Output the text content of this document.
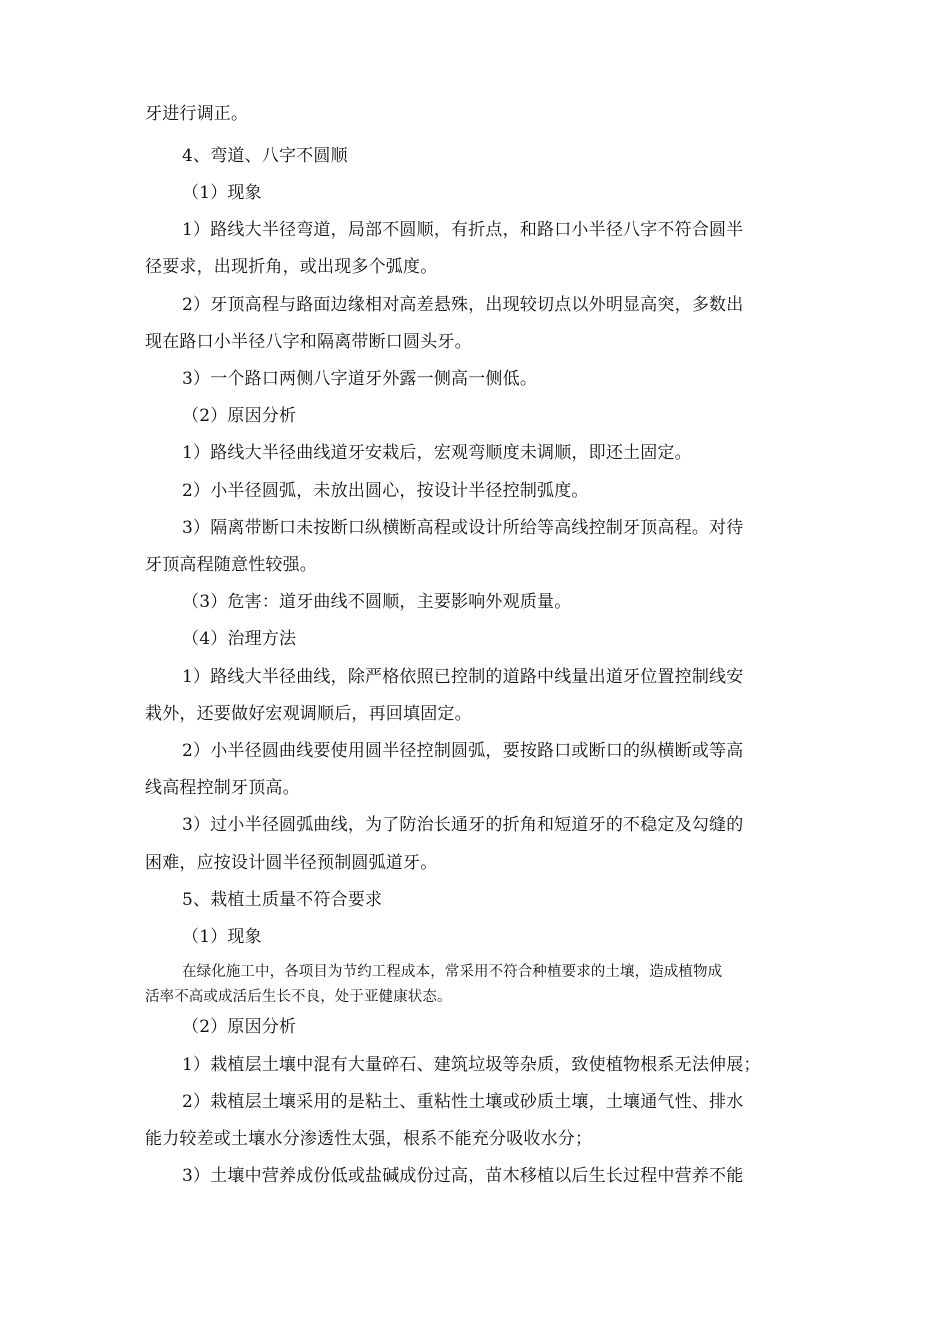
牙进行调正。
4、弯道、八字不圆顺
（1）现象
1）路线大半径弯道，局部不圆顺，有折点，和路口小半径八字不符合圆半
径要求，出现折角，或出现多个弧度。
2）牙顶高程与路面边缘相对高差悬殊，出现较切点以外明显高突，多数出
现在路口小半径八字和隔离带断口圆头牙。
3）一个路口两侧八字道牙外露一侧高一侧低。
（2）原因分析
1）路线大半径曲线道牙安栽后，宏观弯顺度未调顺，即还土固定。
2）小半径圆弧，未放出圆心，按设计半径控制弧度。
3）隔离带断口未按断口纵横断高程或设计所给等高线控制牙顶高程。对待
牙顶高程随意性较强。
（3）危害：道牙曲线不圆顺，主要影响外观质量。
（4）治理方法
1）路线大半径曲线，除严格依照已控制的道路中线量出道牙位置控制线安
栽外，还要做好宏观调顺后，再回填固定。
2）小半径圆曲线要使用圆半径控制圆弧，要按路口或断口的纵横断或等高
线高程控制牙顶高。
3）过小半径圆弧曲线，为了防治长通牙的折角和短道牙的不稳定及勾缝的
困难，应按设计圆半径预制圆弧道牙。
5、栽植土质量不符合要求
（1）现象
在绿化施工中，各项目为节约工程成本，常采用不符合种植要求的土壤，造成植物成
活率不高或成活后生长不良，处于亚健康状态。
（2）原因分析
1）栽植层土壤中混有大量碎石、建筑垃圾等杂质，致使植物根系无法伸展；
2）栽植层土壤采用的是粘土、重粘性土壤或砂质土壤，土壤通气性、排水
能力较差或土壤水分渗透性太强，根系不能充分吸收水分；
3）土壤中营养成份低或盐碱成份过高，苗木移植以后生长过程中营养不能
